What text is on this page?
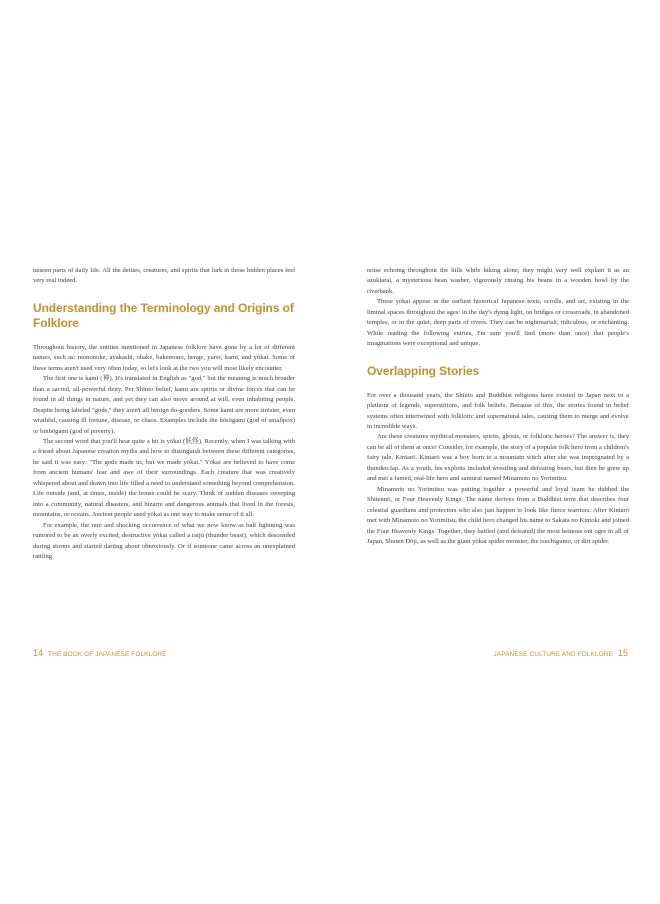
unseen parts of daily life. All the deities, creatures, and spirits that lurk in those hidden places feel very real indeed.

Understanding the Terminology and Origins of Folklore

Throughout history, the entities mentioned in Japanese folklore have gone by a lot of different names, such as: mononoke, ayakashi, obake, bakemono, henge, yurei, kami, and yōkai. Some of these terms aren't used very often today, so let's look at the two you will most likely encounter.

The first one is kami (神). It's translated in English as "god," but the meaning is much broader than a sacred, all-powerful deity. Per Shinto belief, kami are spirits or divine forces that can be found in all things in nature, and yet they can also move around at will, even inhabiting people. Despite being labeled "gods," they aren't all benign do-gooders. Some kami are more sinister, even wrathful, causing ill fortune, disease, or chaos. Examples include the hōsōgami (god of smallpox) or binbōgami (god of poverty).

The second word that you'll hear quite a bit is yōkai (妖怪). Recently, when I was talking with a friend about Japanese creation myths and how to distinguish between these different categories, he said it was easy: "The gods made us, but we made yōkai." Yōkai are believed to have come from ancient humans' fear and awe of their surroundings. Each creature that was creatively whispered about and drawn into life filled a need to understand something beyond comprehension. Life outside (and, at times, inside) the house could be scary. Think of sudden diseases sweeping into a community, natural disasters, and bizarre and dangerous animals that lived in the forests, mountains, or oceans. Ancient people used yōkai as one way to make sense of it all.

For example, the rare and shocking occurrence of what we now know as ball lightning was rumored to be an overly excited, destructive yōkai called a raijū (thunder beast), which descended during storms and started darting about obnoxiously. Or if someone came across an unexplained rattling

noise echoing throughout the hills while hiking alone, they might very well explain it as an azukiarai, a mysterious bean washer, vigorously rinsing his beans in a wooden bowl by the riverbank.

These yōkai appear in the earliest historical Japanese texts, scrolls, and art, existing in the liminal spaces throughout the ages: in the day's dying light, on bridges or crossroads, in abandoned temples, or in the quiet, deep parts of rivers. They can be nightmarish, ridiculous, or enchanting. While reading the following entries, I'm sure you'll find (more than once) that people's imaginations were exceptional and unique.

Overlapping Stories

For over a thousand years, the Shinto and Buddhist religions have existed in Japan next to a plethora of legends, superstitions, and folk beliefs. Because of this, the stories found in belief systems often intertwined with folkloric and supernatural tales, causing them to merge and evolve in incredible ways.

Are these creatures mythical monsters, spirits, ghosts, or folkloric heroes? The answer is, they can be all of them at once! Consider, for example, the story of a popular folk hero from a children's fairy tale, Kintarō. Kintarō was a boy born to a mountain witch after she was impregnated by a thunderclap. As a youth, his exploits included wrestling and defeating bears, but then he grew up and met a famed, real-life hero and samurai named Minamoto no Yorimitsu.

Minamoto no Yorimitsu was putting together a powerful and loyal team he dubbed the Shitennō, or Four Heavenly Kings. The name derives from a Buddhist term that describes four celestial guardians and protectors who also just happen to look like fierce warriors. After Kintarō met with Minamoto no Yorimitsu, the child hero changed his name to Sakata no Kintoki and joined the Four Heavenly Kings. Together, they battled (and defeated) the most heinous oni ogre in all of Japan, Shuten Dōji, as well as the giant yōkai spider monster, the tsuchigumo, or dirt spider.

14 THE BOOK OF JAPANESE FOLKLORE	JAPANESE CULTURE AND FOLKLORE 15
